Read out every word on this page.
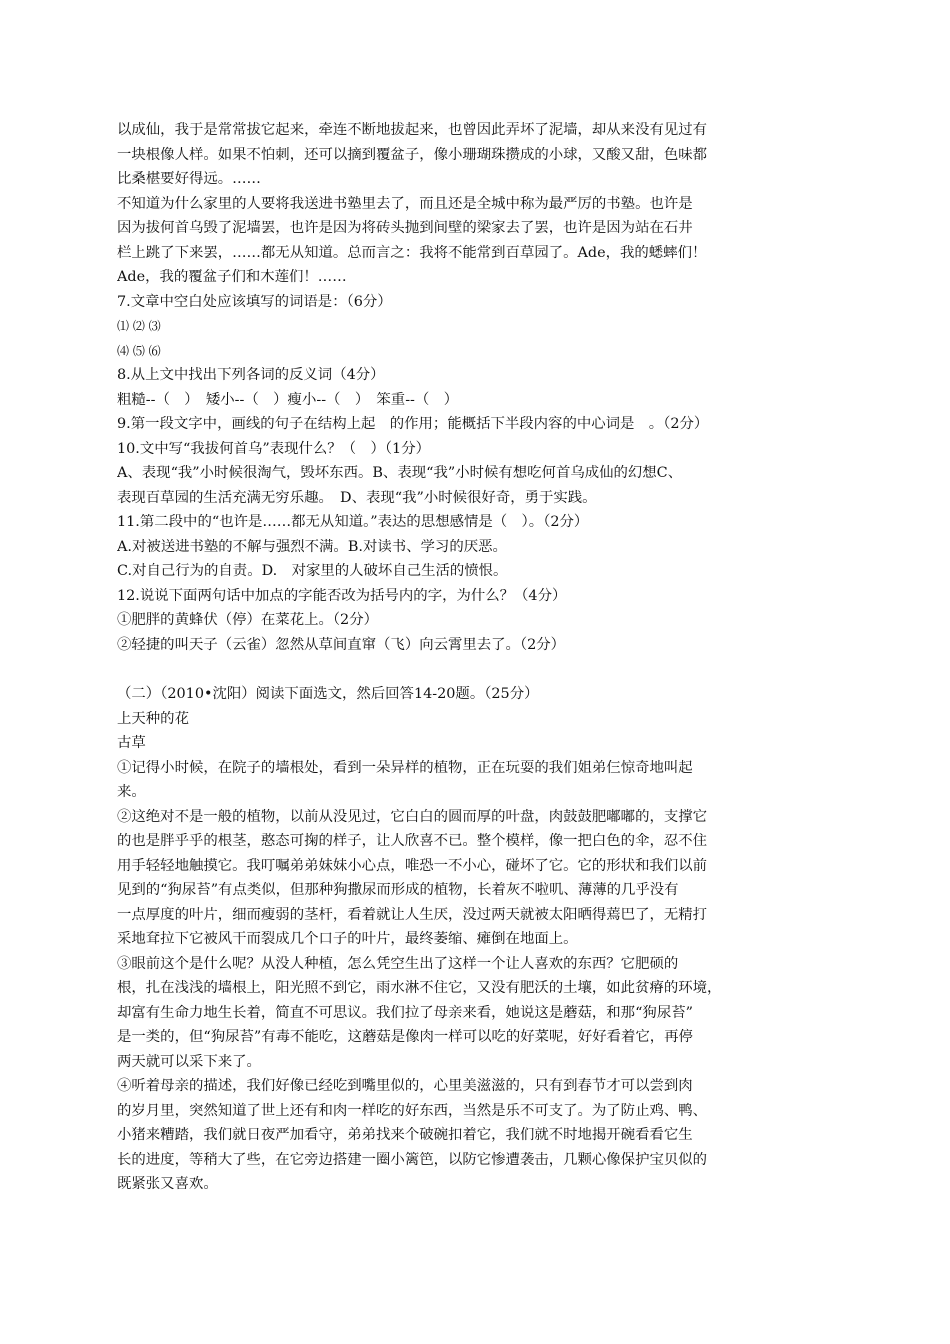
以成仙，我于是常常拔它起来，牵连不断地拔起来，也曾因此弄坏了泥墙，却从来没有见过有
一块根像人样。如果不怕刺，还可以摘到覆盆子，像小珊瑚珠攒成的小球，又酸又甜，色味都
比桑椹要好得远。……
不知道为什么家里的人要将我送进书塾里去了，而且还是全城中称为最严厉的书塾。也许是
因为拔何首乌毁了泥墙罢，也许是因为将砖头抛到间壁的梁家去了罢，也许是因为站在石井
栏上跳了下来罢，……都无从知道。总而言之：我将不能常到百草园了。Ade，我的蟋蟀们！
Ade，我的覆盆子们和木莲们！……
7.文章中空白处应该填写的词语是：（6分）
⑴ ⑵ ⑶
⑷ ⑸ ⑹
8.从上文中找出下列各词的反义词（4分）
粗糙--（　）　矮小--（　）瘦小--（　）　笨重--（　）
9.第一段文字中，画线的句子在结构上起　的作用；能概括下半段内容的中心词是　。（2分）
10.文中写“我拔何首乌”表现什么？（　）（1分）
A、表现“我”小时候很淘气，毁坏东西。B、表现“我”小时候有想吃何首乌成仙的幻想C、
表现百草园的生活充满无穷乐趣。　D、表现“我”小时候很好奇，勇于实践。
11.第二段中的“也许是……都无从知道。”表达的思想感情是（　）。（2分）
A.对被送进书塾的不解与强烈不满。B.对读书、学习的厌恶。
C.对自己行为的自责。D.　对家里的人破坏自己生活的愤恨。
12.说说下面两句话中加点的字能否改为括号内的字，为什么？（4分）
①肥胖的黄蜂伏（停）在菜花上。（2分）
②轻捷的叫天子（云雀）忽然从草间直窜（飞）向云霄里去了。（2分）
（二）（2010•沈阳）阅读下面选文，然后回答14-20题。（25分）
上天种的花
古草
①记得小时候，在院子的墙根处，看到一朵异样的植物，正在玩耍的我们姐弟仨惊奇地叫起
来。
②这绝对不是一般的植物，以前从没见过，它白白的圆而厚的叶盘，肉鼓鼓肥嘟嘟的，支撑它
的也是胖乎乎的根茎，憨态可掬的样子，让人欣喜不已。整个模样，像一把白色的伞，忍不住
用手轻轻地触摸它。我叮嘱弟弟妹妹小心点，唯恐一不小心，碰坏了它。它的形状和我们以前
见到的“狗尿苔”有点类似，但那种狗撒尿而形成的植物，长着灰不啦叽、薄薄的几乎没有
一点厚度的叶片，细而瘦弱的茎杆，看着就让人生厌，没过两天就被太阳晒得蔫巴了，无精打
采地耷拉下它被风干而裂成几个口子的叶片，最终萎缩、瘫倒在地面上。
③眼前这个是什么呢？从没人种植，怎么凭空生出了这样一个让人喜欢的东西？它肥硕的
根，扎在浅浅的墙根上，阳光照不到它，雨水淋不住它，又没有肥沃的土壤，如此贫瘠的环境，
却富有生命力地生长着，简直不可思议。我们拉了母亲来看，她说这是蘑菇，和那“狗尿苔”
是一类的，但“狗尿苔”有毒不能吃，这蘑菇是像肉一样可以吃的好菜呢，好好看着它，再停
两天就可以采下来了。
④听着母亲的描述，我们好像已经吃到嘴里似的，心里美滋滋的，只有到春节才可以尝到肉
的岁月里，突然知道了世上还有和肉一样吃的好东西，当然是乐不可支了。为了防止鸡、鸭、
小猪来糟踏，我们就日夜严加看守，弟弟找来个破碗扣着它，我们就不时地揭开碗看看它生
长的进度，等稍大了些，在它旁边搭建一圈小篱笆，以防它惨遭袭击，几颗心像保护宝贝似的
既紧张又喜欢。
